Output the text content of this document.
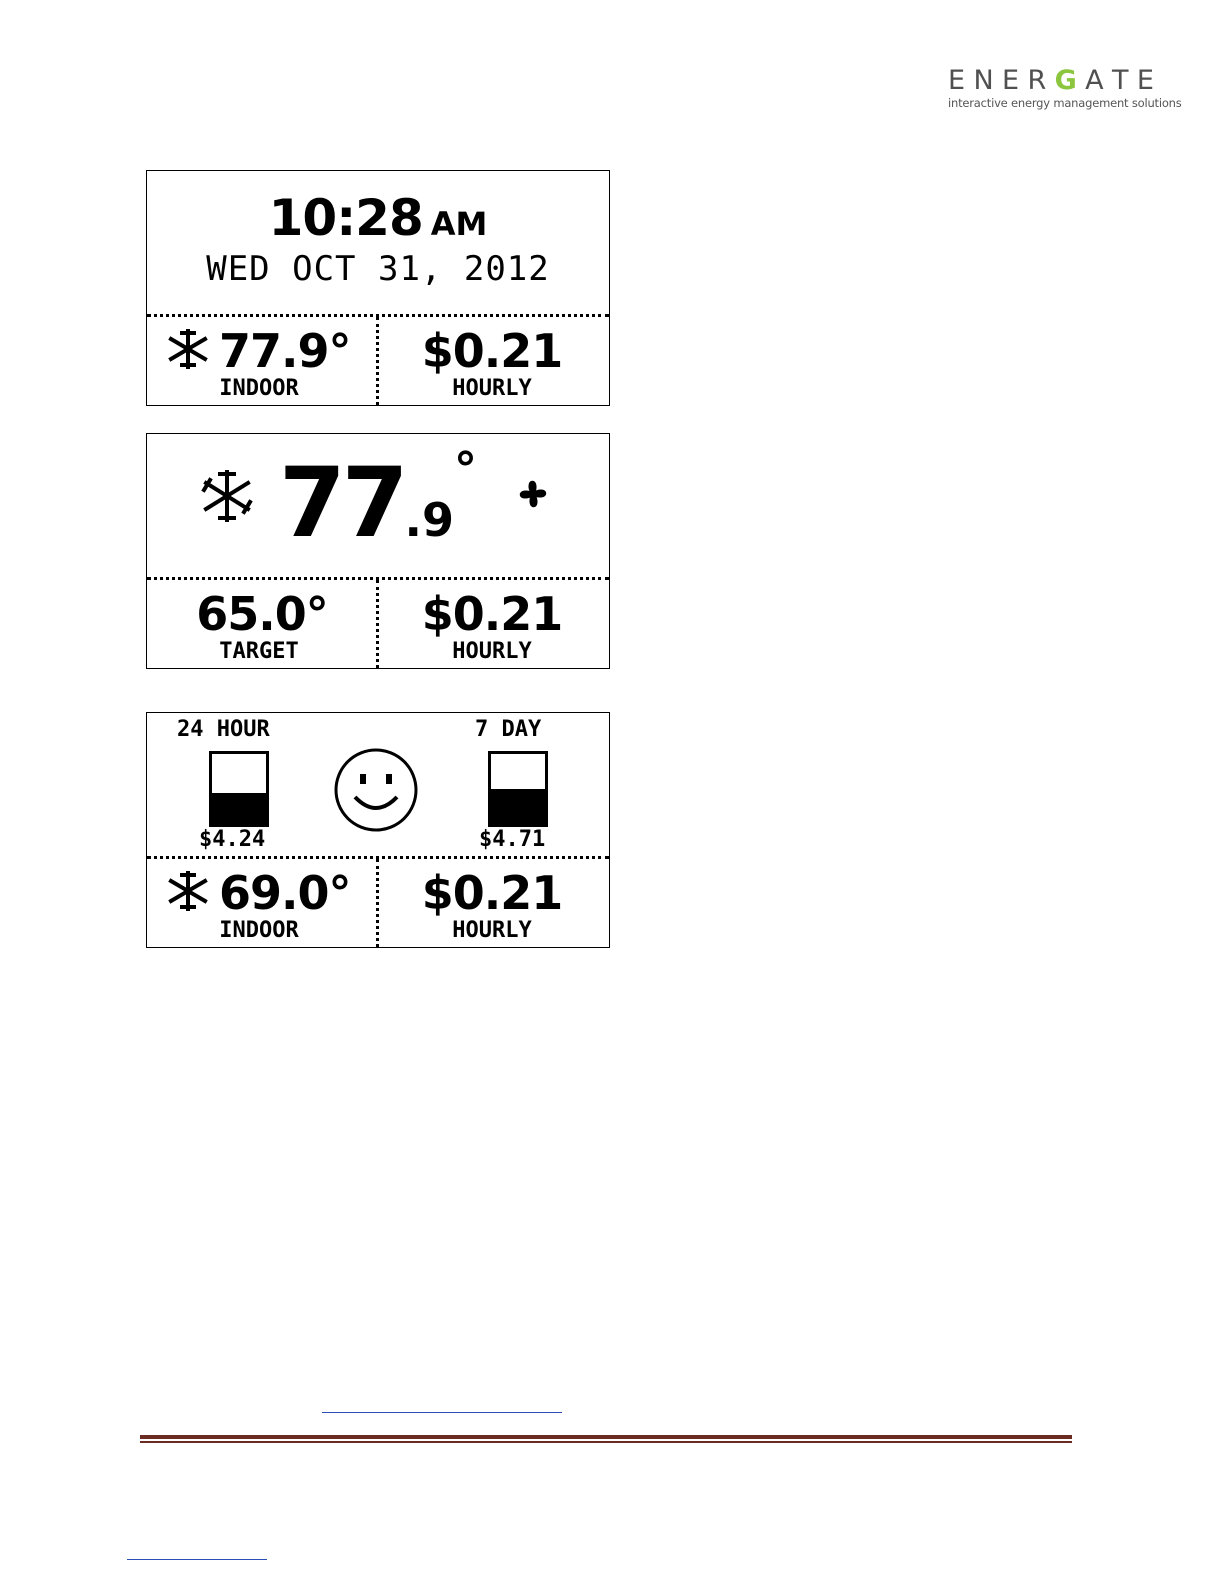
E N E R G A T E
interactive energy management solutions
10:28 AM
WED OCT 31, 2012
77.9°
INDOOR
$0.21
HOURLY
77.9°
65.0°
TARGET
$0.21
HOURLY
24 HOUR
$4.24
7 DAY
$4.71
69.0°
INDOOR
$0.21
HOURLY
